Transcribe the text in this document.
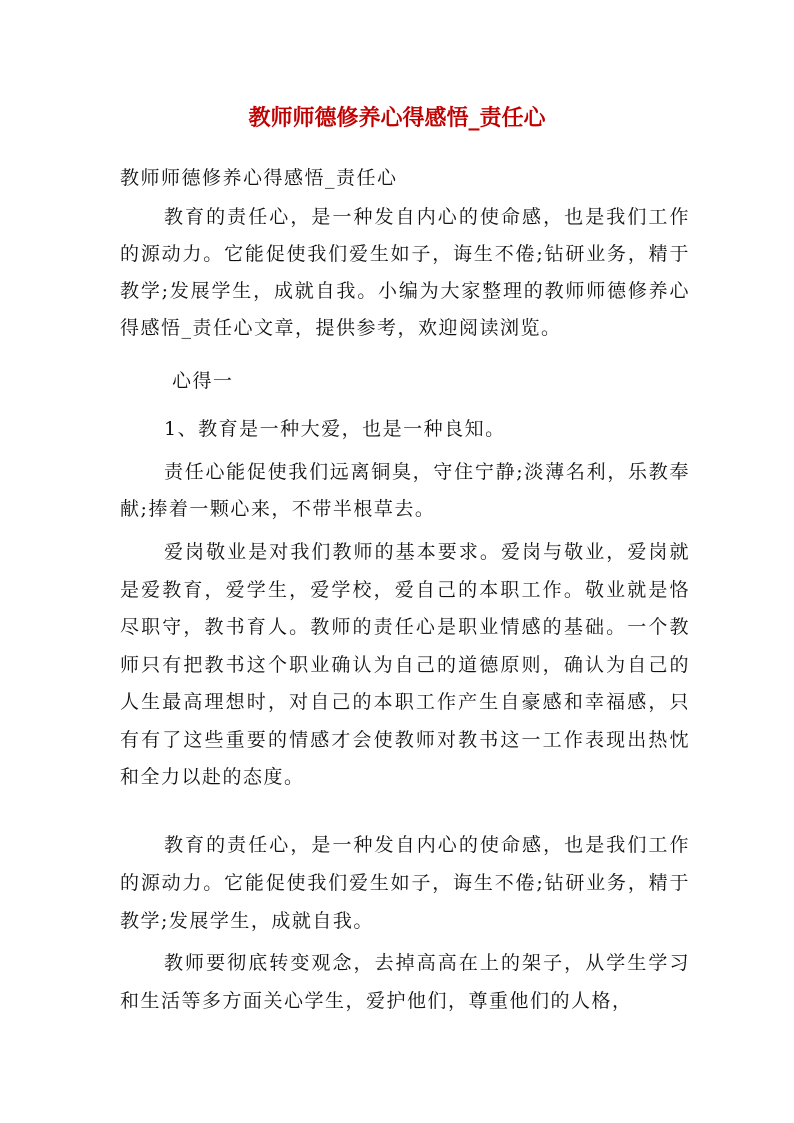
教师师德修养心得感悟_责任心

教师师德修养心得感悟_责任心

教育的责任心，是一种发自内心的使命感，也是我们工作的源动力。它能促使我们爱生如子，诲生不倦;钻研业务，精于教学;发展学生，成就自我。小编为大家整理的教师师德修养心得感悟_责任心文章，提供参考，欢迎阅读浏览。

心得一

1、教育是一种大爱，也是一种良知。

责任心能促使我们远离铜臭，守住宁静;淡薄名利，乐教奉献;捧着一颗心来，不带半根草去。

爱岗敬业是对我们教师的基本要求。爱岗与敬业，爱岗就是爱教育，爱学生，爱学校，爱自己的本职工作。敬业就是恪尽职守，教书育人。教师的责任心是职业情感的基础。一个教师只有把教书这个职业确认为自己的道德原则，确认为自己的人生最高理想时，对自己的本职工作产生自豪感和幸福感，只有有了这些重要的情感才会使教师对教书这一工作表现出热忱和全力以赴的态度。

教育的责任心，是一种发自内心的使命感，也是我们工作的源动力。它能促使我们爱生如子，诲生不倦;钻研业务，精于教学;发展学生，成就自我。

教师要彻底转变观念，去掉高高在上的架子，从学生学习和生活等多方面关心学生，爱护他们，尊重他们的人格，
